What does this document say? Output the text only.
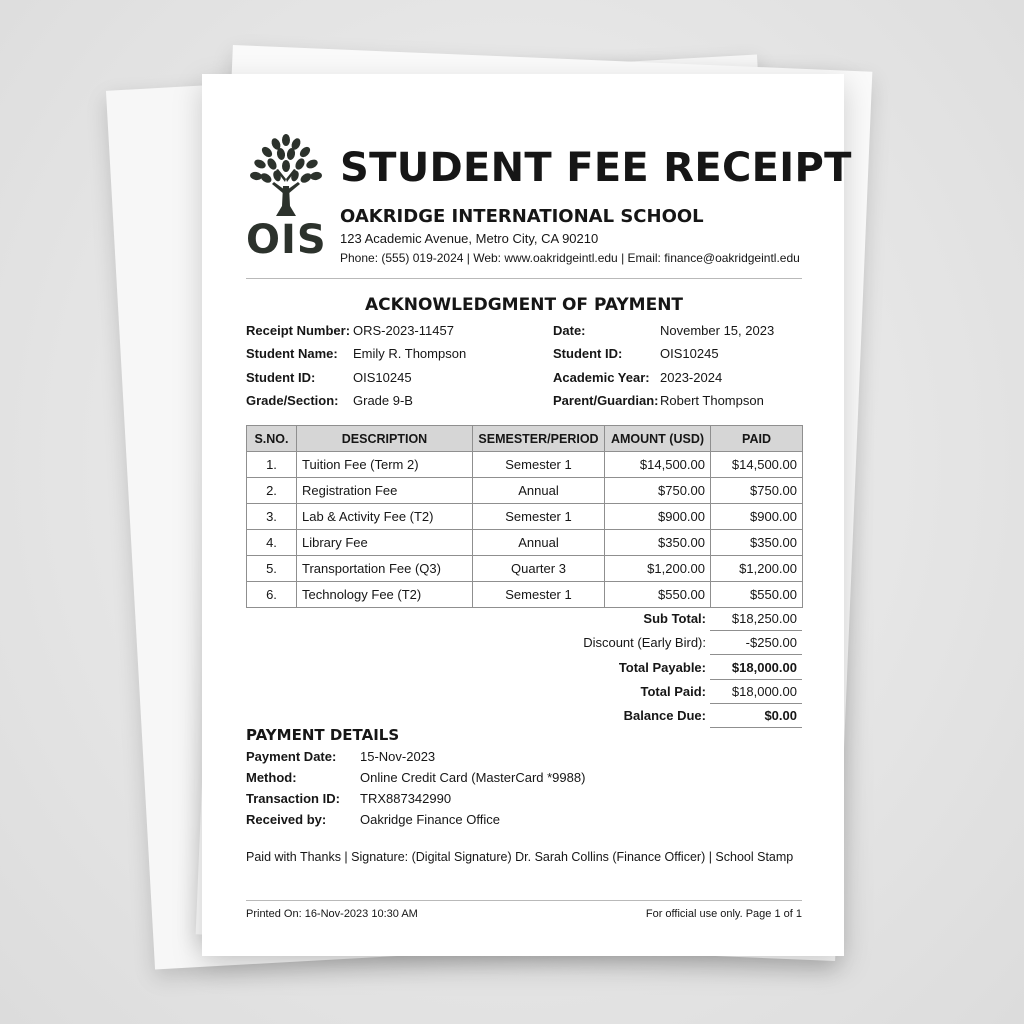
OIS
STUDENT FEE RECEIPT
OAKRIDGE INTERNATIONAL SCHOOL
123 Academic Avenue, Metro City, CA 90210
Phone: (555) 019-2024 | Web: www.oakridgeintl.edu | Email: finance@oakridgeintl.edu
ACKNOWLEDGMENT OF PAYMENT
Receipt Number: ORS-2023-11457
Student Name: Emily R. Thompson
Student ID:	OIS10245
Grade/Section: Grade 9-B
Date:	November 15, 2023
Student ID:	OIS10245
Academic Year: 2023-2024
Parent/Guardian: Robert Thompson
S.NO.	DESCRIPTION	SEMESTER/PERIOD	AMOUNT (USD)	PAID
1.	Tuition Fee (Term 2)	Semester 1	$14,500.00	$14,500.00
2.	Registration Fee	Annual	$750.00	$750.00
3.	Lab & Activity Fee (T2)	Semester 1	$900.00	$900.00
4.	Library Fee	Annual	$350.00	$350.00
5.	Transportation Fee (Q3)	Quarter 3	$1,200.00	$1,200.00
6.	Technology Fee (T2)	Semester 1	$550.00	$550.00
Sub Total: $18,250.00
Discount (Early Bird):	-$250.00
Total Payable: $18,000.00
Total Paid: $18,000.00
Balance Due:	$0.00
PAYMENT DETAILS
Payment Date: 15-Nov-2023
Method:	Online Credit Card (MasterCard *9988)
Transaction ID: TRX887342990
Received by:	Oakridge Finance Office
Paid with Thanks | Signature: (Digital Signature) Dr. Sarah Collins (Finance Officer) | School Stamp
Printed On: 16-Nov-2023 10:30 AM	For official use only. Page 1 of 1
